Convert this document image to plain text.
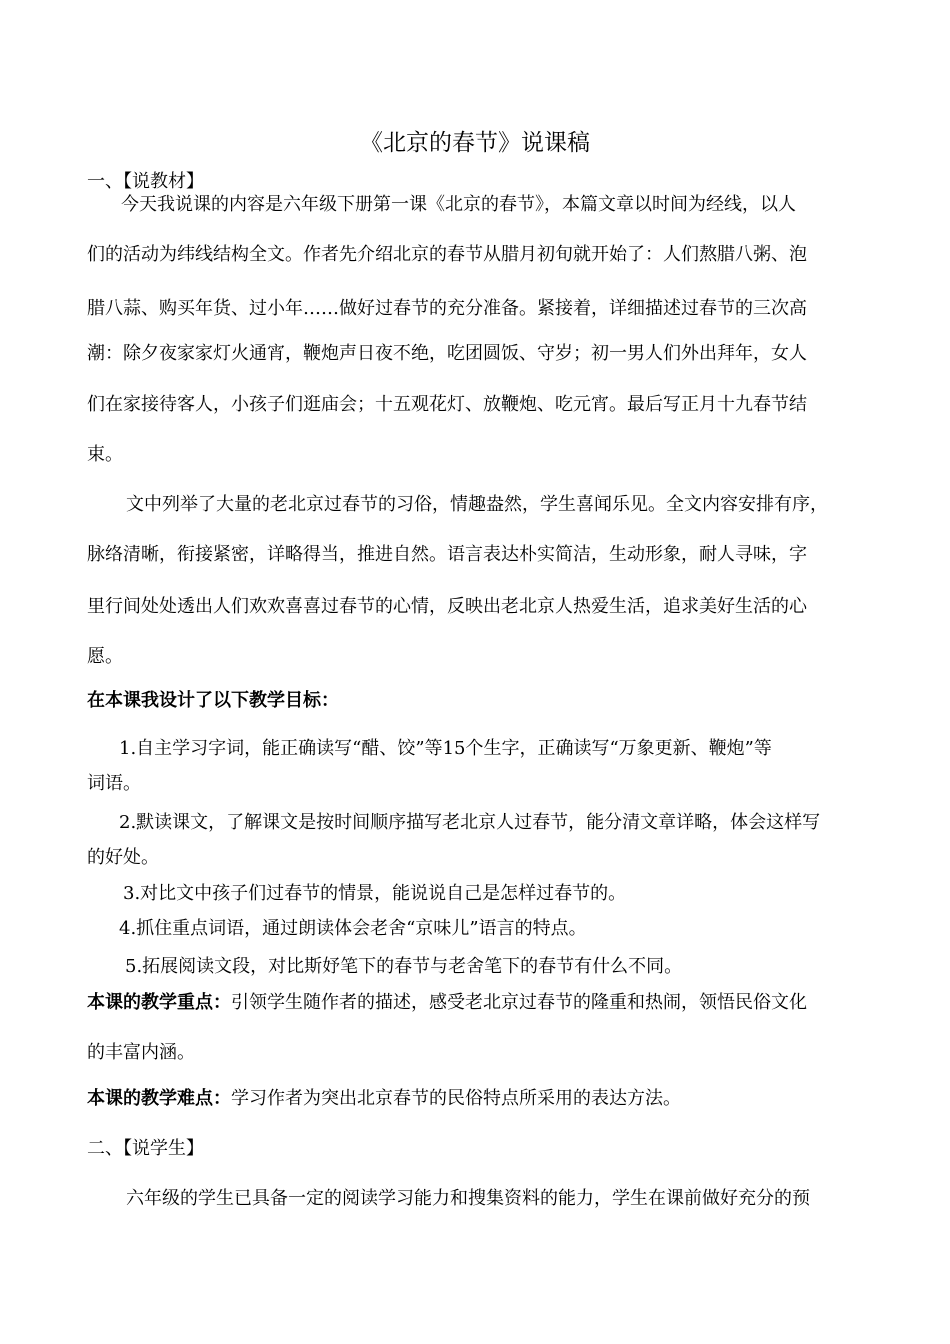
《北京的春节》说课稿
一、【说教材】
今天我说课的内容是六年级下册第一课《北京的春节》，本篇文章以时间为经线，以人
们的活动为纬线结构全文。作者先介绍北京的春节从腊月初旬就开始了：人们熬腊八粥、泡
腊八蒜、购买年货、过小年……做好过春节的充分准备。紧接着，详细描述过春节的三次高
潮：除夕夜家家灯火通宵，鞭炮声日夜不绝，吃团圆饭、守岁；初一男人们外出拜年，女人
们在家接待客人，小孩子们逛庙会；十五观花灯、放鞭炮、吃元宵。最后写正月十九春节结
束。
文中列举了大量的老北京过春节的习俗，情趣盎然，学生喜闻乐见。全文内容安排有序，
脉络清晰，衔接紧密，详略得当，推进自然。语言表达朴实简洁，生动形象，耐人寻味，字
里行间处处透出人们欢欢喜喜过春节的心情，反映出老北京人热爱生活，追求美好生活的心
愿。
在本课我设计了以下教学目标：
1.自主学习字词，能正确读写“醋、饺”等15个生字，正确读写“万象更新、鞭炮”等
词语。
2.默读课文，了解课文是按时间顺序描写老北京人过春节，能分清文章详略，体会这样写
的好处。
3.对比文中孩子们过春节的情景，能说说自己是怎样过春节的。
4.抓住重点词语，通过朗读体会老舍“京味儿”语言的特点。
5.拓展阅读文段，对比斯妤笔下的春节与老舍笔下的春节有什么不同。
本课的教学重点：引领学生随作者的描述，感受老北京过春节的隆重和热闹，领悟民俗文化
的丰富内涵。
本课的教学难点：学习作者为突出北京春节的民俗特点所采用的表达方法。
二、【说学生】
六年级的学生已具备一定的阅读学习能力和搜集资料的能力，学生在课前做好充分的预
